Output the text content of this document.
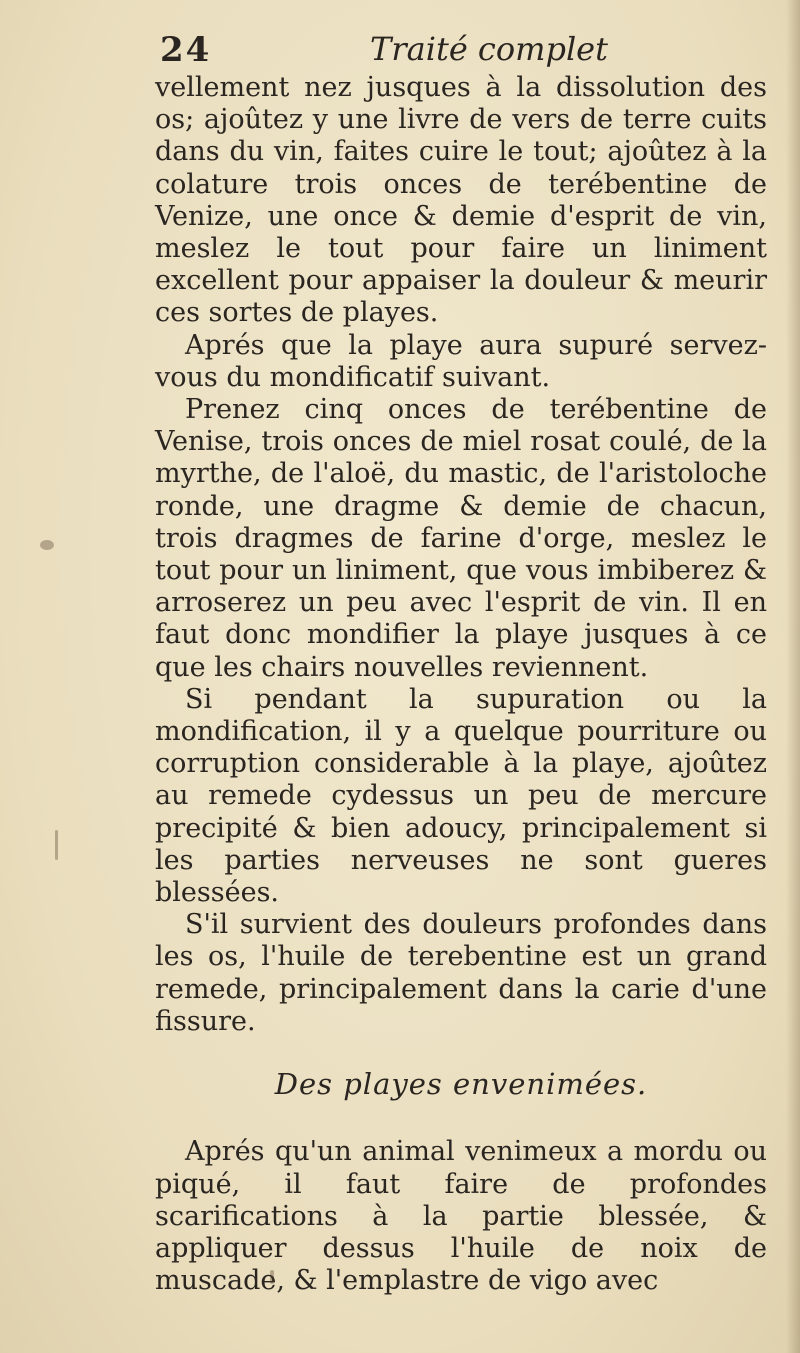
24	Traité complet

vellement nez jusques à la dissolution des os; ajoûtez y une livre de vers de terre cuits dans du vin, faites cuire le tout; ajoûtez à la colature trois onces de terébentine de Venize, une once & demie d'esprit de vin, meslez le tout pour faire un liniment excellent pour appaiser la douleur & meurir ces sortes de playes.

Aprés que la playe aura supuré servez-vous du mondificatif suivant.

Prenez cinq onces de terébentine de Venise, trois onces de miel rosat coulé, de la myrthe, de l'aloë, du mastic, de l'aristoloche ronde, une dragme & demie de chacun, trois dragmes de farine d'orge, meslez le tout pour un liniment, que vous imbiberez & arroserez un peu avec l'esprit de vin. Il en faut donc mondifier la playe jusques à ce que les chairs nouvelles reviennent.

Si pendant la supuration ou la mondification, il y a quelque pourriture ou corruption considerable à la playe, ajoûtez au remede cydessus un peu de mercure precipité & bien adoucy, principalement si les parties nerveuses ne sont gueres blessées.

S'il survient des douleurs profondes dans les os, l'huile de terebentine est un grand remede, principalement dans la carie d'une fissure.

Des playes envenimées.

Aprés qu'un animal venimeux a mordu ou piqué, il faut faire de profondes scarifications à la partie blessée, & appliquer dessus l'huile de noix de muscade, & l'emplastre de vigo avec
